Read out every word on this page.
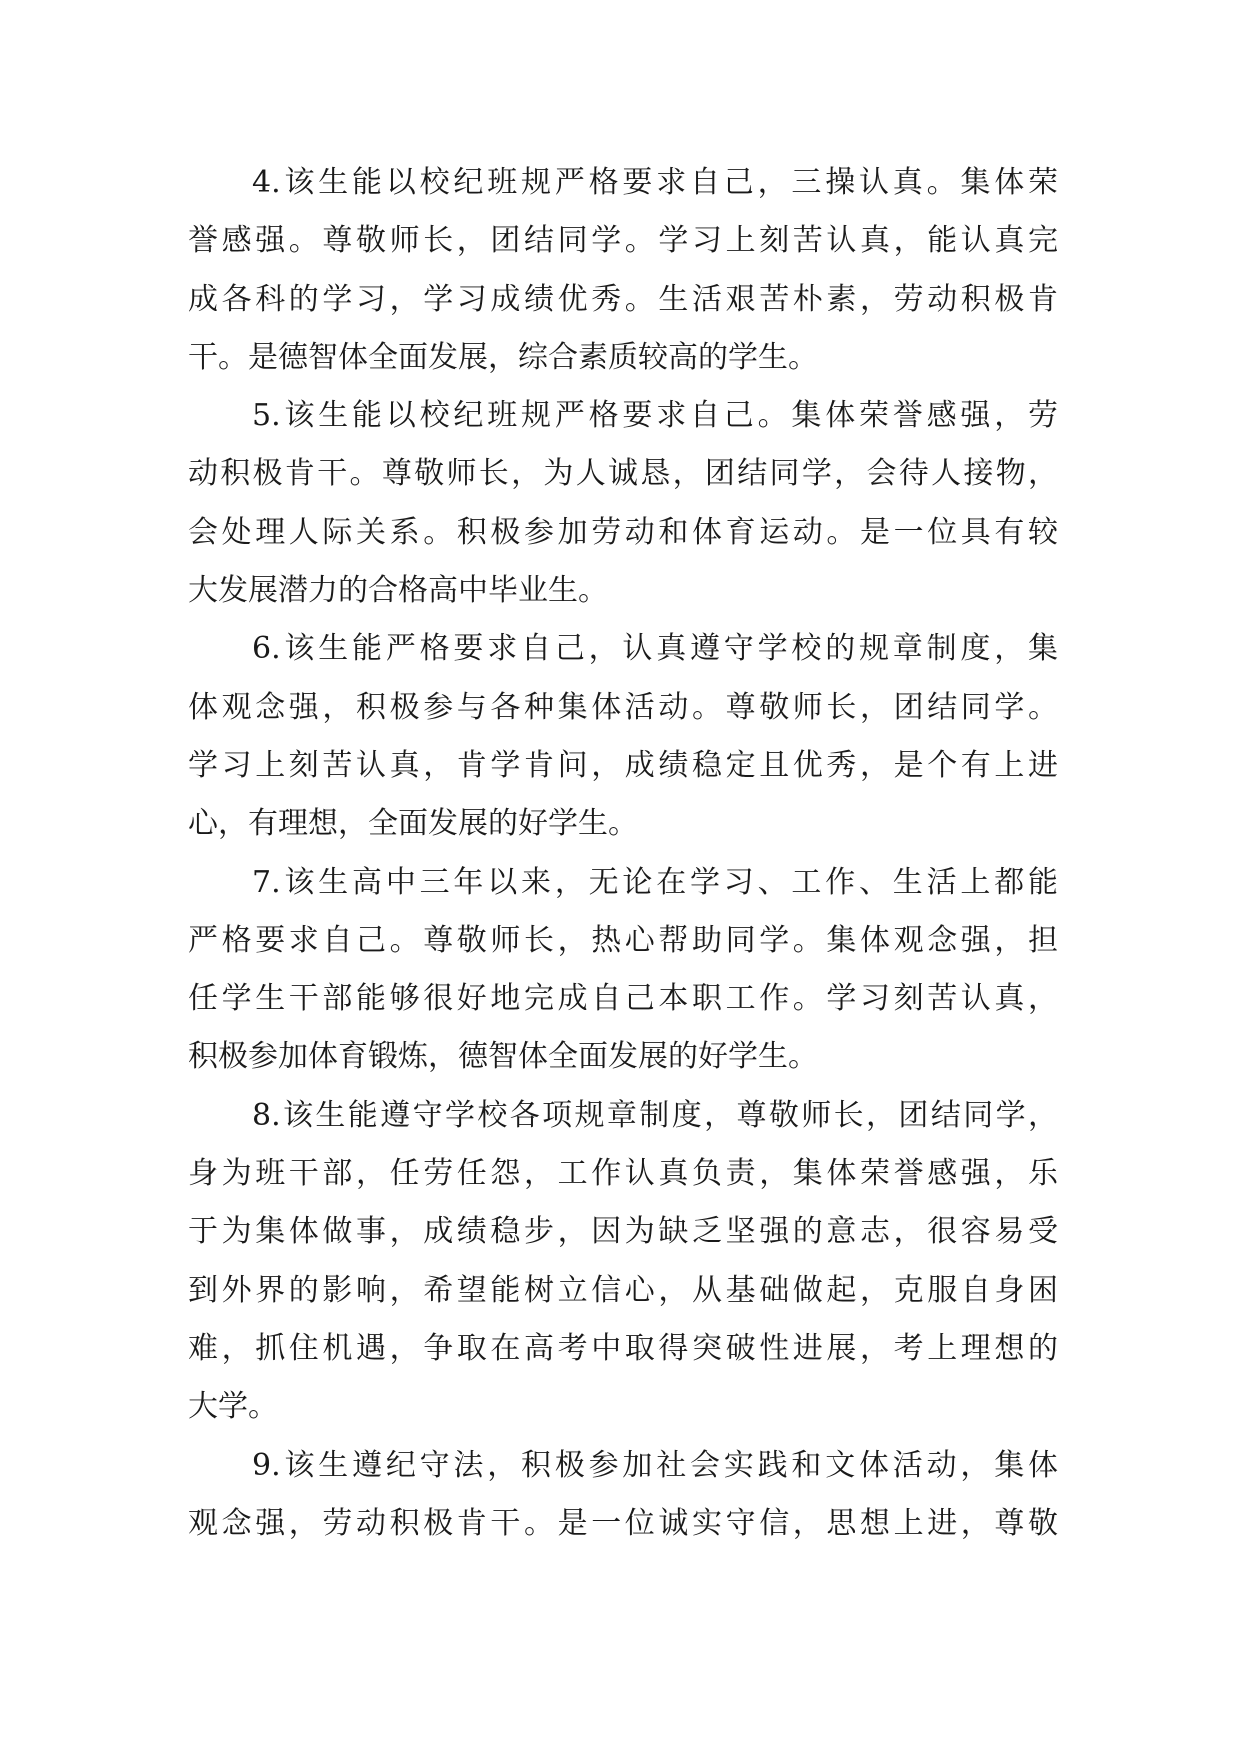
4.该生能以校纪班规严格要求自己，三操认真。集体荣
誉感强。尊敬师长，团结同学。学习上刻苦认真，能认真完
成各科的学习，学习成绩优秀。生活艰苦朴素，劳动积极肯
干。是德智体全面发展，综合素质较高的学生。
5.该生能以校纪班规严格要求自己。集体荣誉感强，劳
动积极肯干。尊敬师长，为人诚恳，团结同学，会待人接物，
会处理人际关系。积极参加劳动和体育运动。是一位具有较
大发展潜力的合格高中毕业生。
6.该生能严格要求自己，认真遵守学校的规章制度，集
体观念强，积极参与各种集体活动。尊敬师长，团结同学。
学习上刻苦认真，肯学肯问，成绩稳定且优秀，是个有上进
心，有理想，全面发展的好学生。
7.该生高中三年以来，无论在学习、工作、生活上都能
严格要求自己。尊敬师长，热心帮助同学。集体观念强，担
任学生干部能够很好地完成自己本职工作。学习刻苦认真，
积极参加体育锻炼，德智体全面发展的好学生。
8.该生能遵守学校各项规章制度，尊敬师长，团结同学，
身为班干部，任劳任怨，工作认真负责，集体荣誉感强，乐
于为集体做事，成绩稳步，因为缺乏坚强的意志，很容易受
到外界的影响，希望能树立信心，从基础做起，克服自身困
难，抓住机遇，争取在高考中取得突破性进展，考上理想的
大学。
9.该生遵纪守法，积极参加社会实践和文体活动，集体
观念强，劳动积极肯干。是一位诚实守信，思想上进，尊敬
